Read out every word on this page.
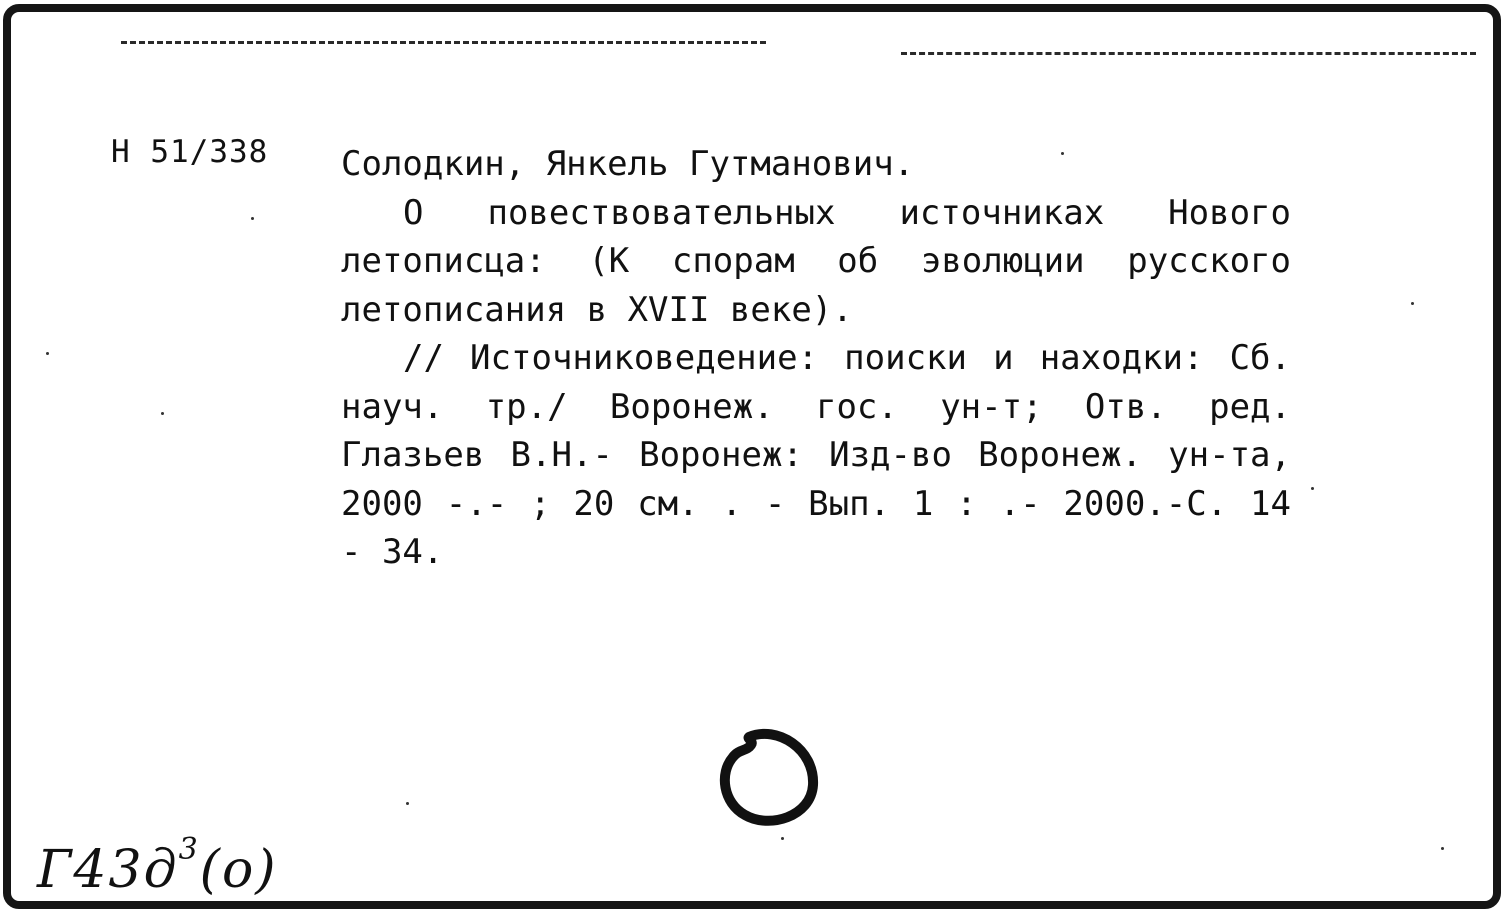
Н 51/338 Солодкин, Янкель Гутманович.

О повествовательных источниках Нового летописца: (К спорам об эволюции русского летописания в XVII веке).

// Источниковедение: поиски и находки: Сб. науч. тр./ Воронеж. гос. ун-т; Отв. ред. Глазьев В.Н.- Воронеж: Изд-во Воронеж. ун-та, 2000 -.- ; 20 см. . - Вып. 1 : .- 2000.-С. 14 - 34.

$Г43д^3(о)$
